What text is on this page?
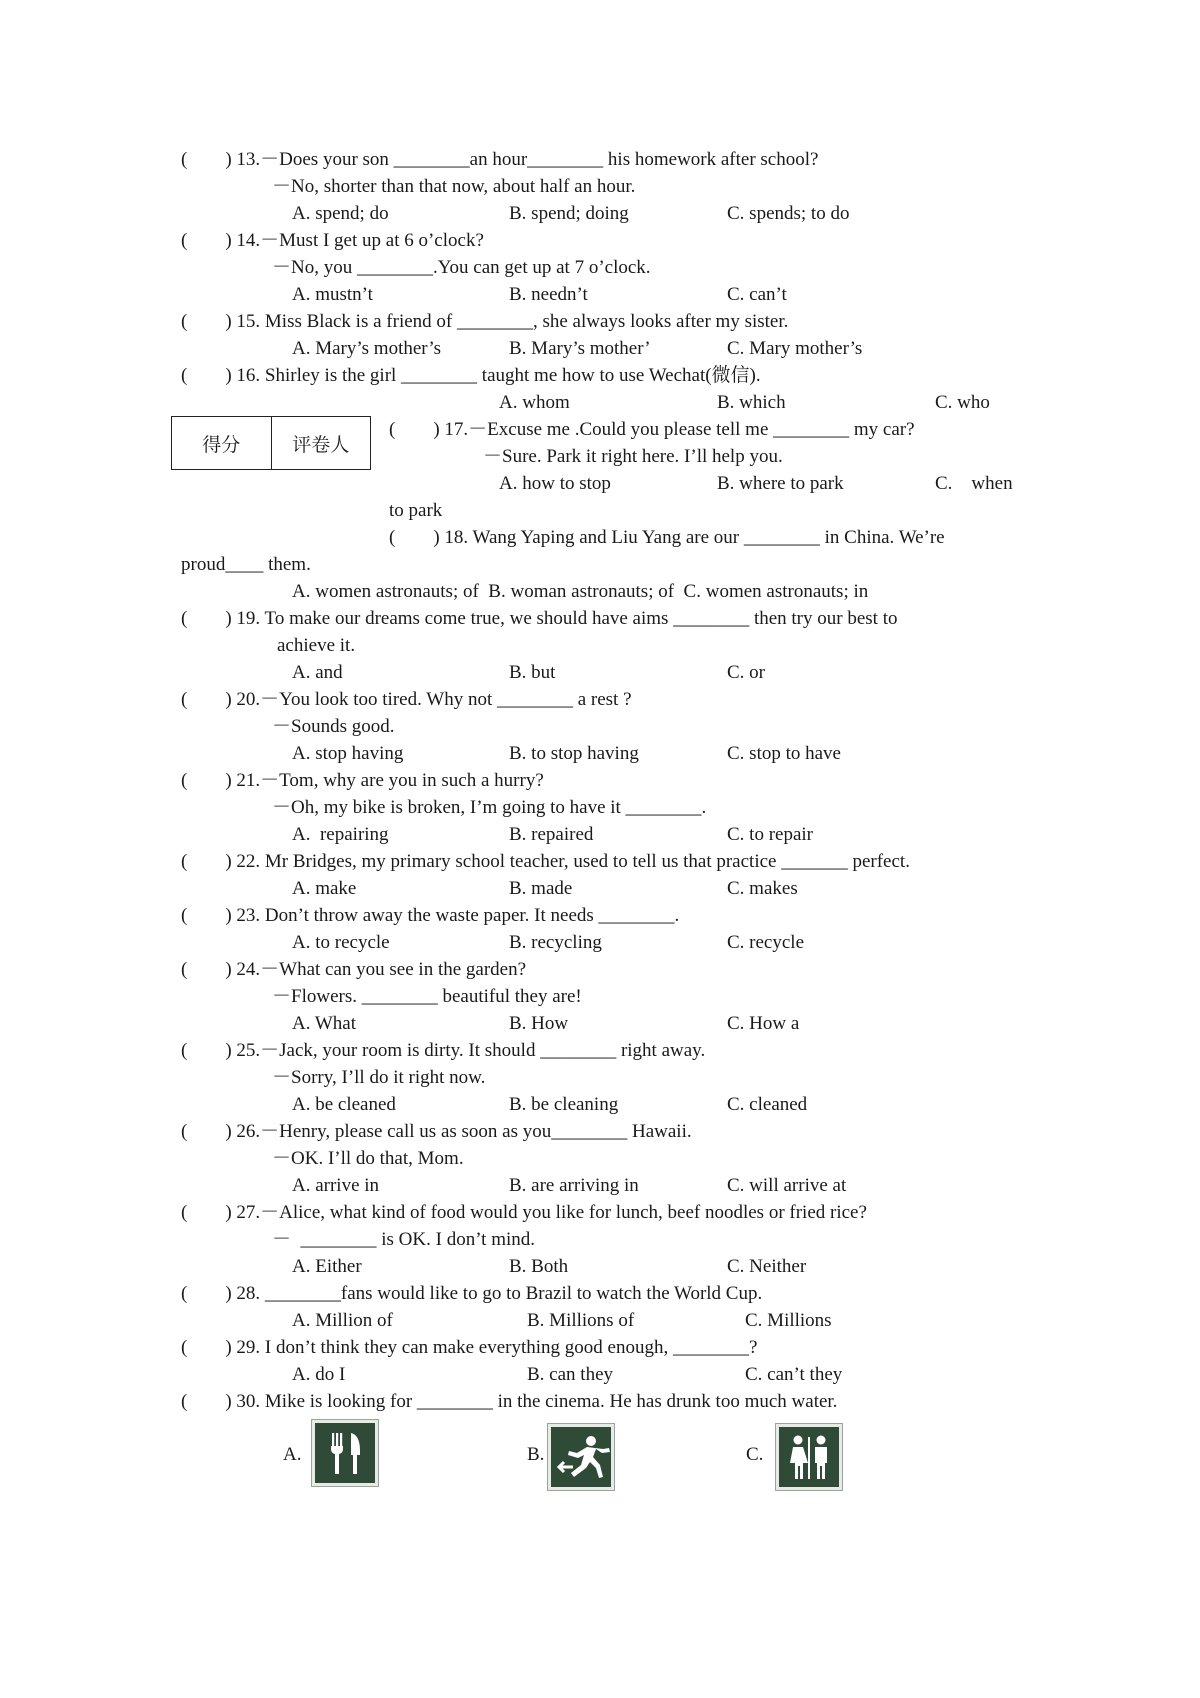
(        ) 13.－Does your son ________an hour________ his homework after school?
－No, shorter than that now, about half an hour.
A. spend; do	B. spend; doing	C. spends; to do
(        ) 14.－Must I get up at 6 o’clock?
－No, you ________.You can get up at 7 o’clock.
A. mustn’t	B. needn’t	C. can’t
(        ) 15. Miss Black is a friend of ________, she always looks after my sister.
A. Mary’s mother’s	B. Mary’s mother’	C. Mary mother’s
(        ) 16. Shirley is the girl ________ taught me how to use Wechat(微信).
A. whom	B. which	C. who
得分	评卷人
(        ) 17.－Excuse me .Could you please tell me ________ my car?
－Sure. Park it right here. I’ll help you.
A. how to stop	B. where to park	C.    when
to park
(        ) 18. Wang Yaping and Liu Yang are our ________ in China. We’re
proud____ them.
A. women astronauts; of  B. woman astronauts; of  C. women astronauts; in
(        ) 19. To make our dreams come true, we should have aims ________ then try our best to
achieve it.
A. and	B. but	C. or
(        ) 20.－You look too tired. Why not ________ a rest ?
－Sounds good.
A. stop having	B. to stop having	C. stop to have
(        ) 21.－Tom, why are you in such a hurry?
－Oh, my bike is broken, I’m going to have it ________.
A.  repairing	B. repaired	C. to repair
(        ) 22. Mr Bridges, my primary school teacher, used to tell us that practice _______ perfect.
A. make	B. made	C. makes
(        ) 23. Don’t throw away the waste paper. It needs ________.
A. to recycle	B. recycling	C. recycle
(        ) 24.－What can you see in the garden?
－Flowers. ________ beautiful they are!
A. What	B. How	C. How a
(        ) 25.－Jack, your room is dirty. It should ________ right away.
－Sorry, I’ll do it right now.
A. be cleaned	B. be cleaning	C. cleaned
(        ) 26.－Henry, please call us as soon as you________ Hawaii.
－OK. I’ll do that, Mom.
A. arrive in	B. are arriving in	C. will arrive at
(        ) 27.－Alice, what kind of food would you like for lunch, beef noodles or fried rice?
－  ________ is OK. I don’t mind.
A. Either	B. Both	C. Neither
(        ) 28. ________fans would like to go to Brazil to watch the World Cup.
A. Million of	B. Millions of	C. Millions
(        ) 29. I don’t think they can make everything good enough, ________?
A. do I	B. can they	C. can’t they
(        ) 30. Mike is looking for ________ in the cinema. He has drunk too much water.
A.	B.	C.
